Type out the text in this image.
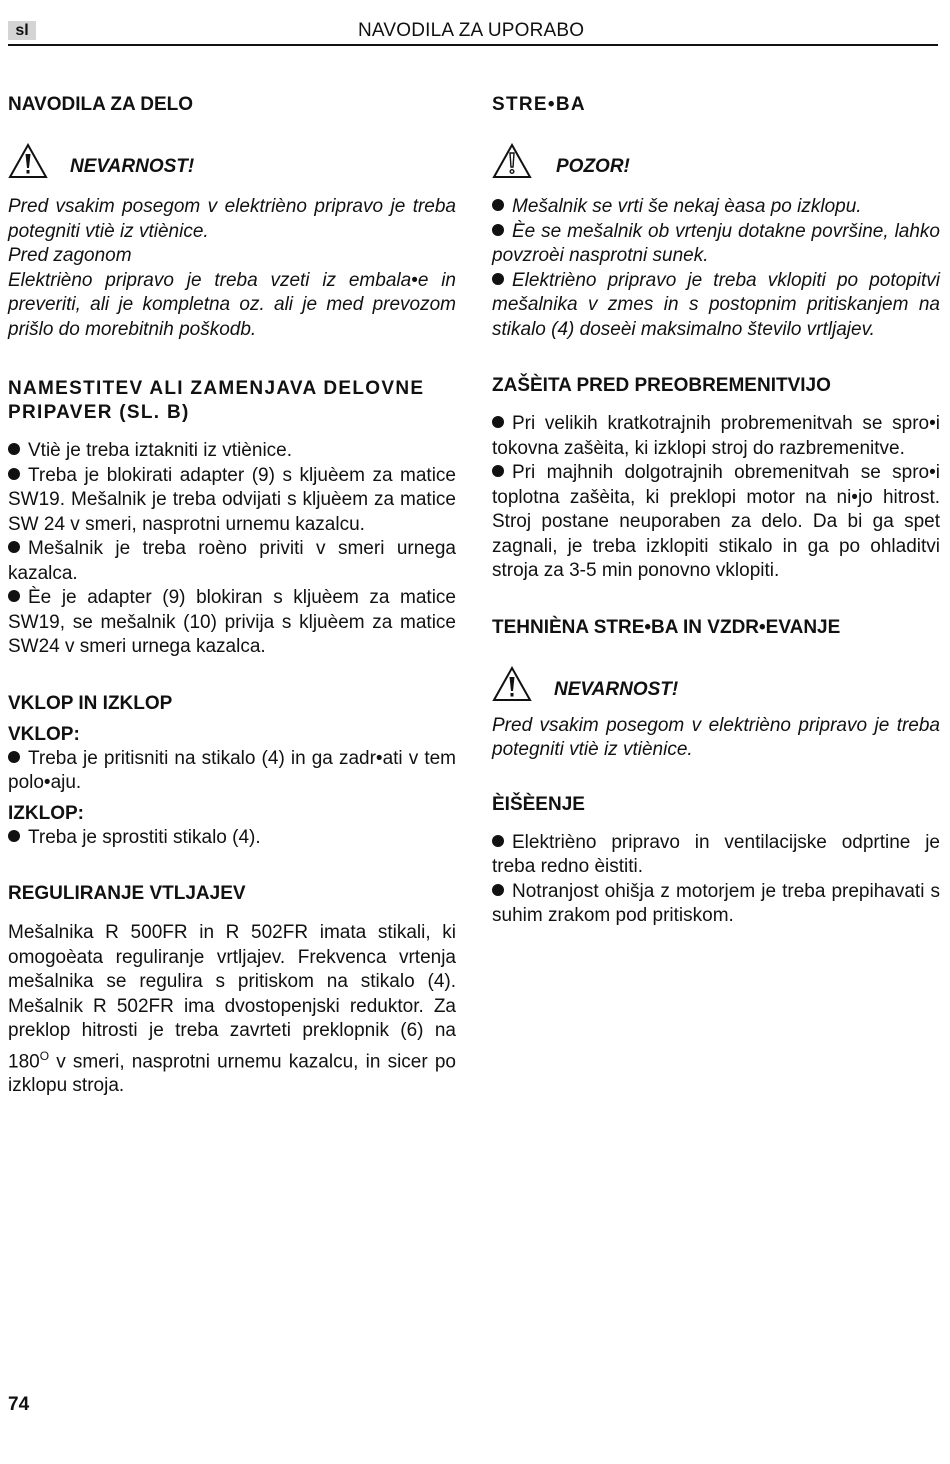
sl	NAVODILA ZA UPORABO
NAVODILA ZA DELO
NEVARNOST!

Pred vsakim posegom v elektrièno pripravo je treba potegniti vtiè iz vtiènice.

Pred zagonom

Elektrièno pripravo je treba vzeti iz embala•e in preveriti, ali je kompletna oz. ali je med prevozom prišlo do morebitnih poškodb.

NAMESTITEV ALI ZAMENJAVA DELOVNE
PRIPAVER (SL. B)

Vtiè je treba iztakniti iz vtiènice.

Treba je blokirati adapter (9) s kljuèem za matice SW19. Mešalnik je treba odvijati s kljuèem za matice SW 24 v smeri, nasprotni urnemu kazalcu.

Mešalnik je treba roèno priviti v smeri urnega kazalca.

Èe je adapter (9) blokiran s kljuèem za matice SW19, se mešalnik (10) privija s kljuèem za matice SW24 v smeri urnega kazalca.

VKLOP IN IZKLOP
VKLOP:

Treba je pritisniti na stikalo (4) in ga zadr•ati v tem polo•aju.

IZKLOP:

Treba je sprostiti stikalo (4).

REGULIRANJE VTLJAJEV

Mešalnika R 500FR in R 502FR imata stikali, ki omogoèata reguliranje vrtljajev. Frekvenca vrtenja mešalnika se regulira s pritiskom na stikalo (4). Mešalnik R 502FR ima dvostopenjski reduktor. Za preklop hitrosti je treba zavrteti preklopnik (6) na $180^O$ v smeri, nasprotni urnemu kazalcu, in sicer po izklopu stroja.

STRE•BA
POZOR!

Mešalnik se vrti še nekaj èasa po izklopu.

Èe se mešalnik ob vrtenju dotakne površine, lahko povzroèi nasprotni sunek.

Elektrièno pripravo je treba vklopiti po potopitvi mešalnika v zmes in s postopnim pritiskanjem na stikalo (4) doseèi maksimalno število vrtljajev.

ZAŠÈITA PRED PREOBREMENITVIJO

Pri velikih kratkotrajnih probremenitvah se spro•i tokovna zašèita, ki izklopi stroj do razbremenitve.

Pri majhnih dolgotrajnih obremenitvah se spro•i toplotna zašèita, ki preklopi motor na ni•jo hitrost. Stroj postane neuporaben za delo. Da bi ga spet zagnali, je treba izklopiti stikalo in ga po ohladitvi stroja za 3-5 min ponovno vklopiti.

TEHNIÈNA STRE•BA IN VZDR•EVANJE
NEVARNOST!

Pred vsakim posegom v elektrièno pripravo je treba potegniti vtiè iz vtiènice.

ÈIŠÈENJE

Elektrièno pripravo in ventilacijske odprtine je treba redno èistiti.

Notranjost ohišja z motorjem je treba prepihavati s suhim zrakom pod pritiskom.

74
